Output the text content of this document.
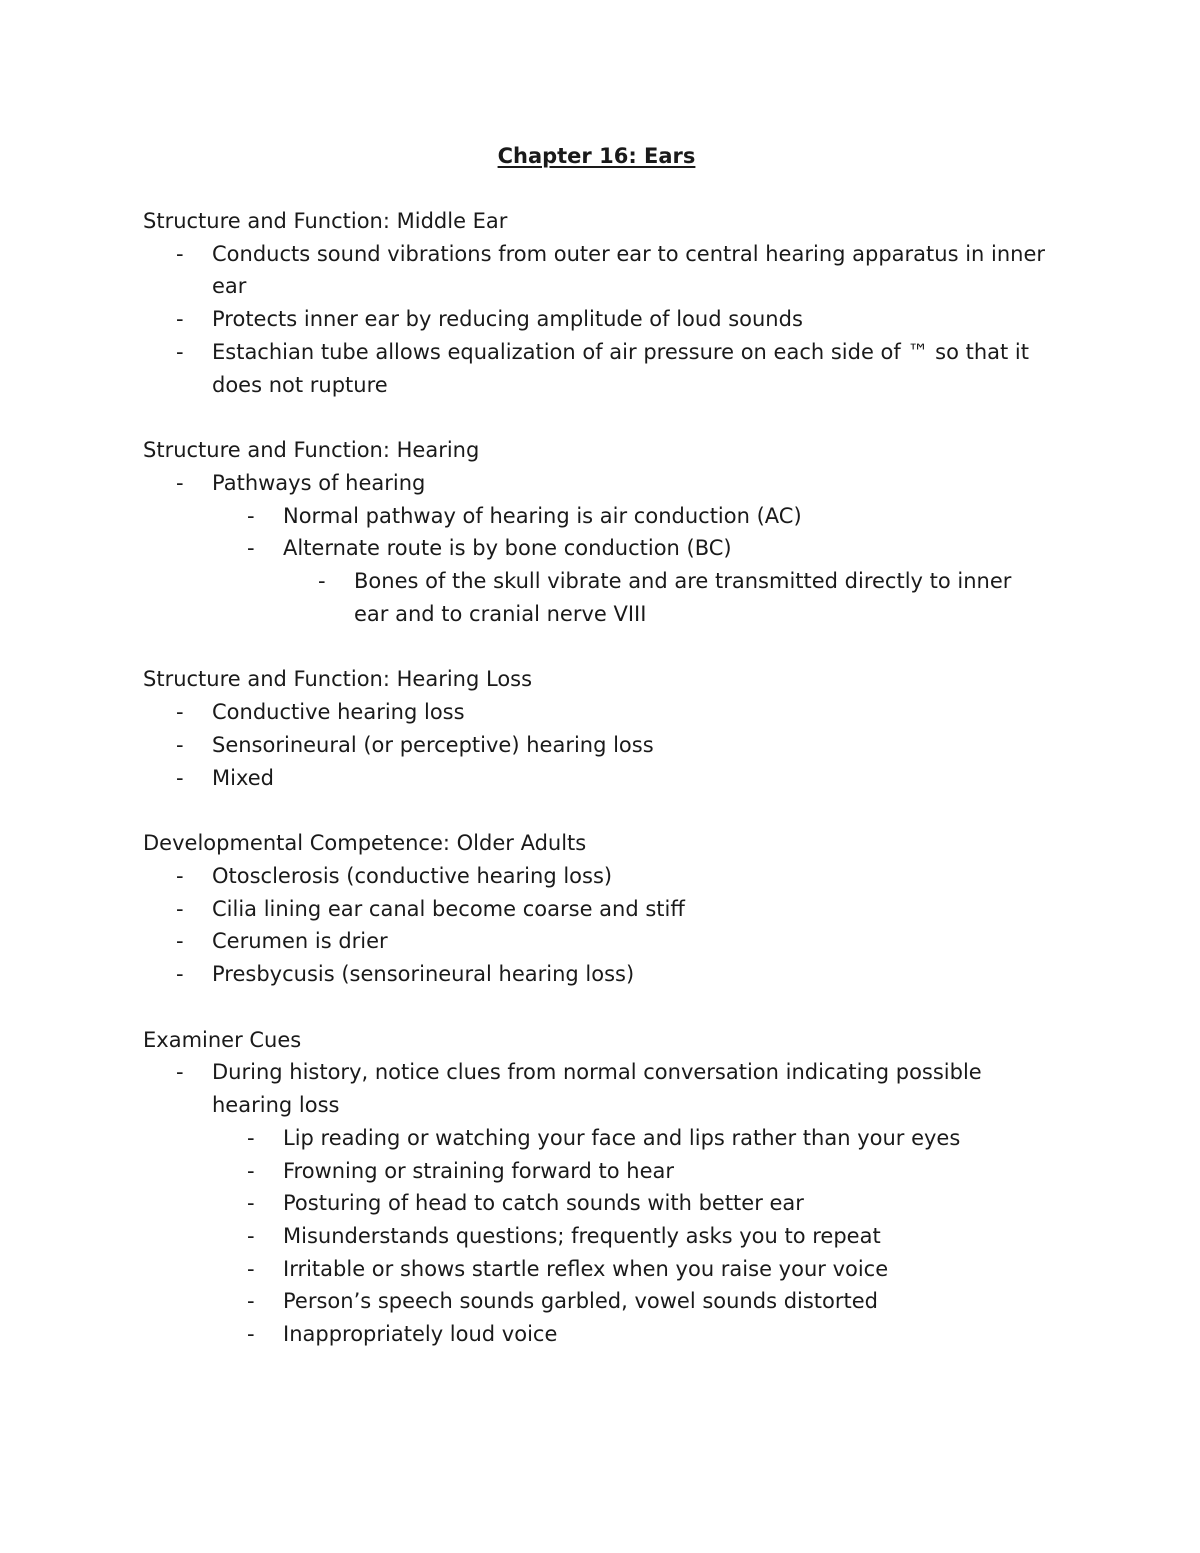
Chapter 16: Ears
Structure and Function: Middle Ear
- Conducts sound vibrations from outer ear to central hearing apparatus in inner ear
- Protects inner ear by reducing amplitude of loud sounds
- Estachian tube allows equalization of air pressure on each side of ™ so that it does not rupture
Structure and Function: Hearing
- Pathways of hearing
- Normal pathway of hearing is air conduction (AC)
- Alternate route is by bone conduction (BC)
- Bones of the skull vibrate and are transmitted directly to inner ear and to cranial nerve VIII
Structure and Function: Hearing Loss
- Conductive hearing loss
- Sensorineural (or perceptive) hearing loss
- Mixed
Developmental Competence: Older Adults
- Otosclerosis (conductive hearing loss)
- Cilia lining ear canal become coarse and stiff
- Cerumen is drier
- Presbycusis (sensorineural hearing loss)
Examiner Cues
- During history, notice clues from normal conversation indicating possible hearing loss
- Lip reading or watching your face and lips rather than your eyes
- Frowning or straining forward to hear
- Posturing of head to catch sounds with better ear
- Misunderstands questions; frequently asks you to repeat
- Irritable or shows startle reflex when you raise your voice
- Person’s speech sounds garbled, vowel sounds distorted
- Inappropriately loud voice
